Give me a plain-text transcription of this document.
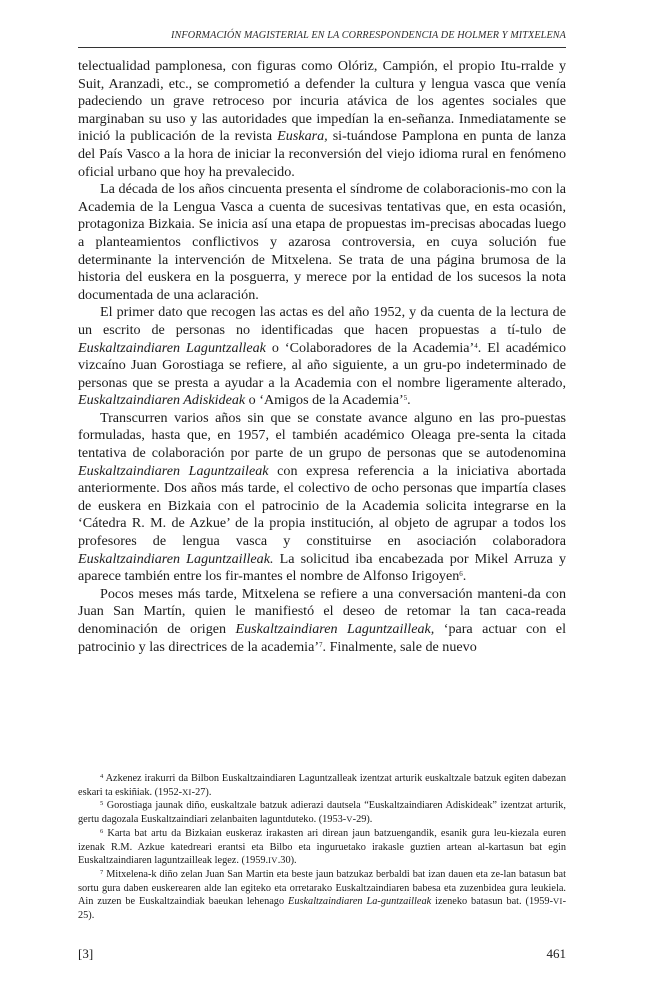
INFORMACIÓN MAGISTERIAL EN LA CORRESPONDENCIA DE HOLMER Y MITXELENA

telectualidad pamplonesa, con figuras como Olóriz, Campión, el propio Itu-rralde y Suit, Aranzadi, etc., se comprometió a defender la cultura y lengua vasca que venía padeciendo un grave retroceso por incuria atávica de los agentes sociales que marginaban su uso y las autoridades que impedían la en-señanza. Inmediatamente se inició la publicación de la revista Euskara, si-tuándose Pamplona en punta de lanza del País Vasco a la hora de iniciar la reconversión del viejo idioma rural en fenómeno oficial urbano que hoy ha prevalecido.

La década de los años cincuenta presenta el síndrome de colaboracionis-mo con la Academia de la Lengua Vasca a cuenta de sucesivas tentativas que, en esta ocasión, protagoniza Bizkaia. Se inicia así una etapa de propuestas im-precisas abocadas luego a planteamientos conflictivos y azarosa controversia, en cuya solución fue determinante la intervención de Mitxelena. Se trata de una página brumosa de la historia del euskera en la posguerra, y merece por la entidad de los sucesos la nota documentada de una aclaración.

El primer dato que recogen las actas es del año 1952, y da cuenta de la lectura de un escrito de personas no identificadas que hacen propuestas a tí-tulo de Euskaltzaindiaren Laguntzalleak o ‘Colaboradores de la Academia’$^4$. El académico vizcaíno Juan Gorostiaga se refiere, al año siguiente, a un gru-po indeterminado de personas que se presta a ayudar a la Academia con el nombre ligeramente alterado, Euskaltzaindiaren Adiskideak o ‘Amigos de la Academia’$^5$.

Transcurren varios años sin que se constate avance alguno en las pro-puestas formuladas, hasta que, en 1957, el también académico Oleaga pre-senta la citada tentativa de colaboración por parte de un grupo de personas que se autodenomina Euskaltzaindiaren Laguntzaileak con expresa referencia a la iniciativa abortada anteriormente. Dos años más tarde, el colectivo de ocho personas que impartía clases de euskera en Bizkaia con el patrocinio de la Academia solicita integrarse en la ‘Cátedra R. M. de Azkue’ de la propia institución, al objeto de agrupar a todos los profesores de lengua vasca y constituirse en asociación colaboradora Euskaltzaindiaren Laguntzailleak. La solicitud iba encabezada por Mikel Arruza y aparece también entre los fir-mantes el nombre de Alfonso Irigoyen$^6$.

Pocos meses más tarde, Mitxelena se refiere a una conversación manteni-da con Juan San Martín, quien le manifiestó el deseo de retomar la tan caca-reada denominación de origen Euskaltzaindiaren Laguntzailleak, ‘para actuar con el patrocinio y las directrices de la academia’$^7$. Finalmente, sale de nuevo

$^4$ Azkenez irakurri da Bilbon Euskaltzaindiaren Laguntzalleak izentzat arturik euskaltzale batzuk egiten dabezan eskari ta eskiñiak. (1952-XI-27).

$^5$ Gorostiaga jaunak diño, euskaltzale batzuk adierazi dautsela “Euskaltzaindiaren Adiskideak” izentzat arturik, gertu dagozala Euskaltzaindiari zelanbaiten laguntduteko. (1953-V-29).

$^6$ Karta bat artu da Bizkaian euskeraz irakasten ari direan jaun batzuengandik, esanik gura leu-kiezala euren izenak R.M. Azkue katedreari erantsi eta Bilbo eta inguruetako irakasle guztien artean al-kartasun bat egin Euskaltzaindiaren laguntzailleak legez. (1959.IV.30).

$^7$ Mitxelena-k diño zelan Juan San Martin eta beste jaun batzukaz berbaldi bat izan dauen eta ze-lan batasun bat sortu gura daben euskerearen alde lan egiteko eta orretarako Euskaltzaindiaren babesa eta zuzenbidea gura leukiela. Ain zuzen be Euskaltzaindiak baeukan lehenago Euskaltzaindiaren La-guntzailleak izeneko batasun bat. (1959-VI-25).

[3]	461
